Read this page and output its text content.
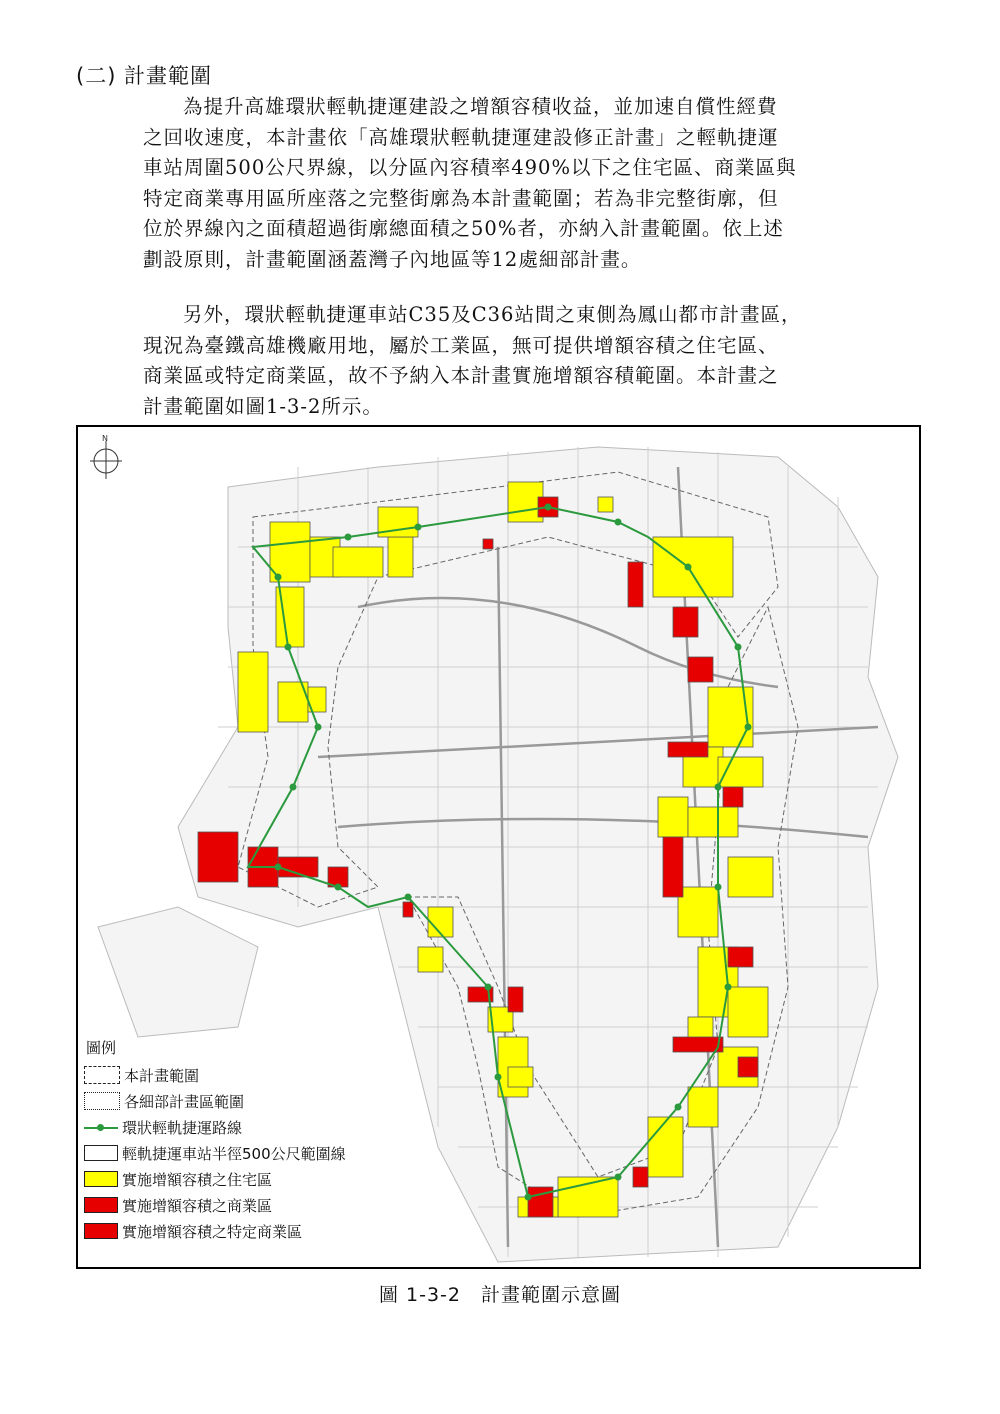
(二) 計畫範圍

為提升高雄環狀輕軌捷運建設之增額容積收益，並加速自償性經費
之回收速度，本計畫依「高雄環狀輕軌捷運建設修正計畫」之輕軌捷運
車站周圍500公尺界線，以分區內容積率490%以下之住宅區、商業區與
特定商業專用區所座落之完整街廓為本計畫範圍；若為非完整街廓，但
位於界線內之面積超過街廓總面積之50%者，亦納入計畫範圍。依上述
劃設原則，計畫範圍涵蓋灣子內地區等12處細部計畫。

另外，環狀輕軌捷運車站C35及C36站間之東側為鳳山都市計畫區，
現況為臺鐵高雄機廠用地，屬於工業區，無可提供增額容積之住宅區、
商業區或特定商業區，故不予納入本計畫實施增額容積範圍。本計畫之
計畫範圍如圖1-3-2所示。

N
圖例
本計畫範圍
各細部計畫區範圍
環狀輕軌捷運路線
輕軌捷運車站半徑500公尺範圍線
實施增額容積之住宅區
實施增額容積之商業區
實施增額容積之特定商業區
圖 1-3-2　計畫範圍示意圖
